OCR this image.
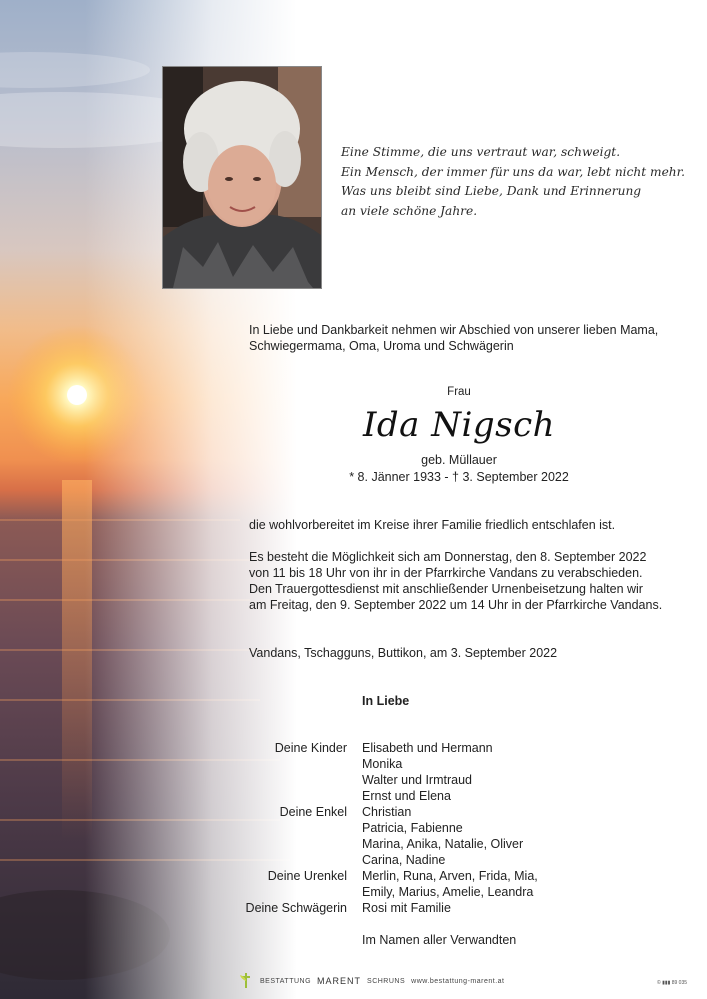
Eine Stimme, die uns vertraut war, schweigt.
Ein Mensch, der immer für uns da war, lebt nicht mehr.
Was uns bleibt sind Liebe, Dank und Erinnerung
an viele schöne Jahre.
In Liebe und Dankbarkeit nehmen wir Abschied von unserer lieben Mama,
Schwiegermama, Oma, Uroma und Schwägerin
Frau
Ida Nigsch
geb. Müllauer
* 8. Jänner 1933 - † 3. September 2022
die wohlvorbereitet im Kreise ihrer Familie friedlich entschlafen ist.
Es besteht die Möglichkeit sich am Donnerstag, den 8. September 2022
von 11 bis 18 Uhr von ihr in der Pfarrkirche Vandans zu verabschieden.
Den Trauergottesdienst mit anschließender Urnenbeisetzung halten wir
am Freitag, den 9. September 2022 um 14 Uhr in der Pfarrkirche Vandans.
Vandans, Tschagguns, Buttikon, am 3. September 2022
In Liebe
Deine Kinder Elisabeth und Hermann
Monika
Walter und Irmtraud
Ernst und Elena
Deine Enkel Christian
Patricia, Fabienne
Marina, Anika, Natalie, Oliver
Carina, Nadine
Deine Urenkel Merlin, Runa, Arven, Frida, Mia,
Emily, Marius, Amelie, Leandra
Deine Schwägerin Rosi mit Familie
Im Namen aller Verwandten
BESTATTUNG MARENT SCHRUNS www.bestattung-marent.at	© ▮▮▮ 89 035
